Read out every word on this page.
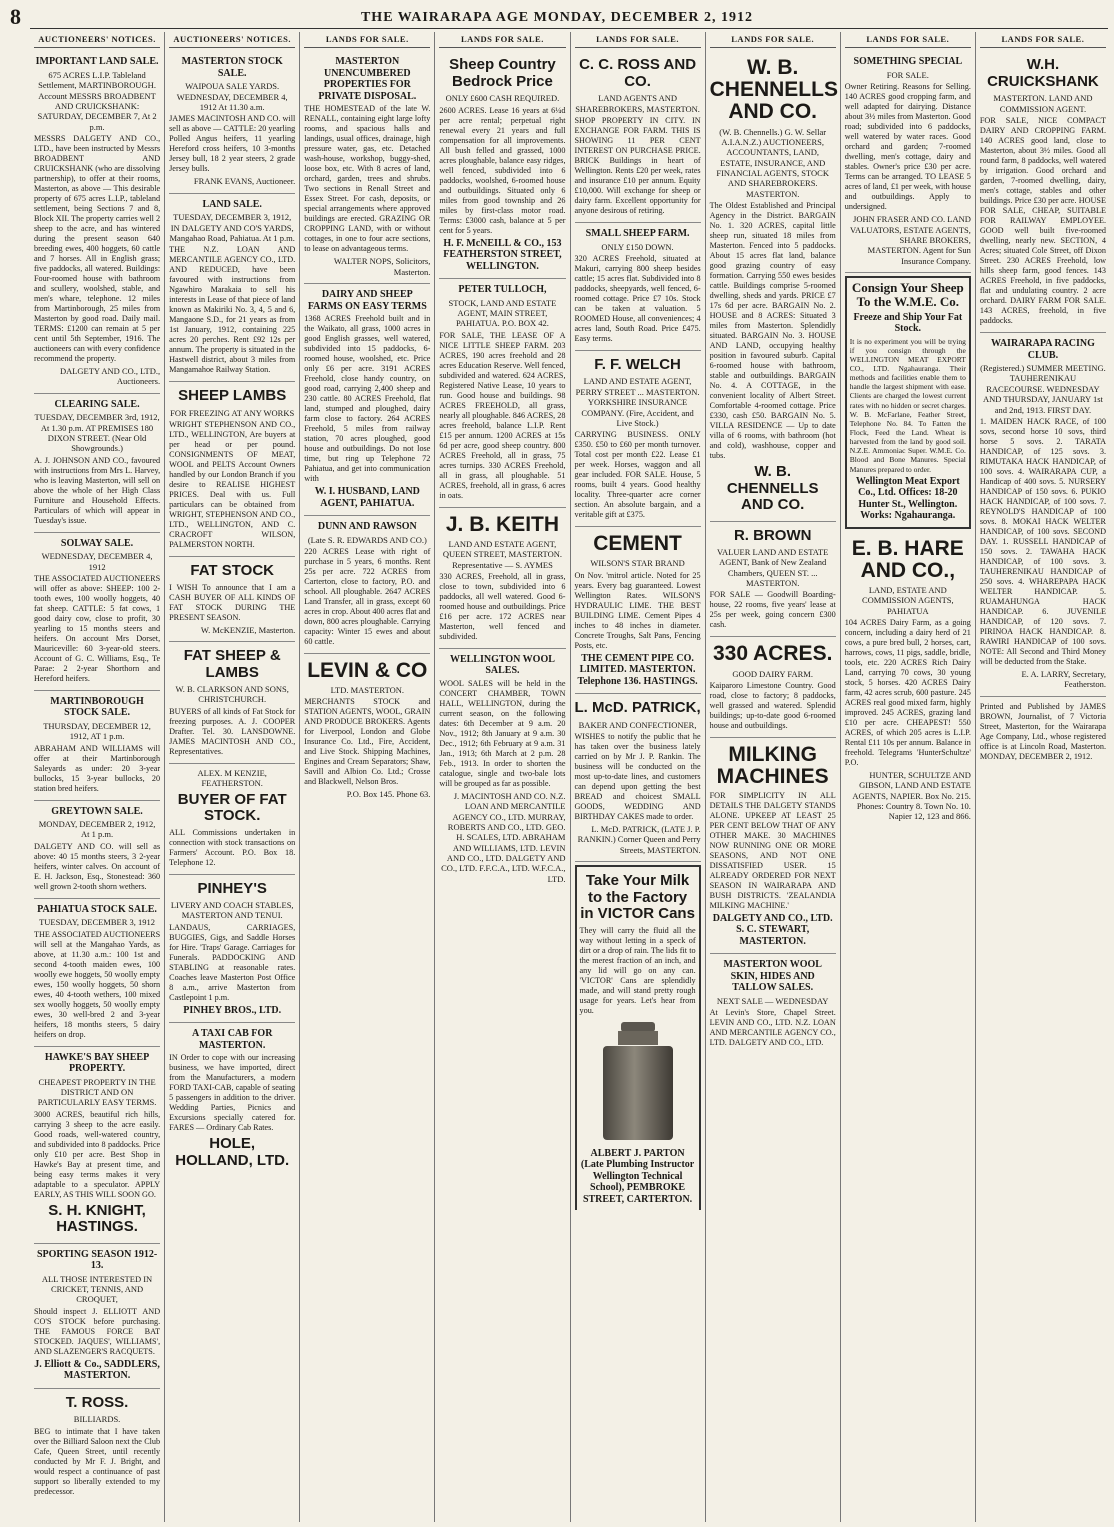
8	THE WAIRARAPA AGE MONDAY, DECEMBER 2, 1912
AUCTIONEERS' NOTICES.
IMPORTANT LAND SALE.
675 ACRES L.I.P. Tableland Settlement, MARTINBOROUGH. Account MESSRS BROADBENT AND CRUICKSHANK: SATURDAY, DECEMBER 7, At 2 p.m.
MESSRS DALGETY AND CO., LTD., have been instructed by Messrs BROADBENT AND CRUICKSHANK (who are dissolving partnership), to offer at their rooms, Masterton, as above — This desirable property of 675 acres L.I.P., tableland settlement, being Sections 7 and 8, Block XII. The property carries well 2 sheep to the acre, and has wintered during the present season 640 breeding ewes, 400 hoggets, 60 cattle and 7 horses. All in English grass; five paddocks, all watered. Buildings: Four-roomed house with bathroom and scullery, woolshed, stable, and men's whare, telephone. 12 miles from Martinborough, 25 miles from Masterton by good road. Daily mail. TERMS: £1200 can remain at 5 per cent until 5th September, 1916. The auctioneers can with every confidence recommend the property.
DALGETY AND CO., LTD., Auctioneers.
CLEARING SALE.
TUESDAY, DECEMBER 3rd, 1912, At 1.30 p.m. AT PREMISES 180 DIXON STREET. (Near Old Showgrounds.)
A. J. JOHNSON AND CO., favoured with instructions from Mrs L. Harvey, who is leaving Masterton, will sell on above the whole of her High Class Furniture and Household Effects. Particulars of which will appear in Tuesday's issue.
SOLWAY SALE.
WEDNESDAY, DECEMBER 4, 1912
THE ASSOCIATED AUCTIONEERS will offer as above: SHEEP: 100 2-tooth ewes, 100 woolly hoggets, 40 fat sheep. CATTLE: 5 fat cows, 1 good dairy cow, close to profit, 30 yearling to 15 months steers and heifers. On account Mrs Dorset, Mauriceville: 60 3-year-old steers. Account of G. C. Williams, Esq., Te Parae: 2 2-year Shorthorn and Hereford heifers.
MARTINBOROUGH STOCK SALE.
THURSDAY, DECEMBER 12, 1912, AT 1 p.m.
ABRAHAM AND WILLIAMS will offer at their Martinborough Saleyards as under: 20 3-year bullocks, 15 3-year bullocks, 20 station bred heifers.
GREYTOWN SALE.
MONDAY, DECEMBER 2, 1912, At 1 p.m.
DALGETY AND CO. will sell as above: 40 15 months steers, 3 2-year heifers, winter calves. On account of E. H. Jackson, Esq., Stonestead: 360 well grown 2-tooth shorn wethers.
PAHIATUA STOCK SALE.
TUESDAY, DECEMBER 3, 1912
THE ASSOCIATED AUCTIONEERS will sell at the Mangahao Yards, as above, at 11.30 a.m.: 100 1st and second 4-tooth maiden ewes, 100 woolly ewe hoggets, 50 woolly empty ewes, 150 woolly hoggets, 50 shorn ewes, 40 4-tooth wethers, 100 mixed sex woolly hoggets, 50 woolly empty ewes, 30 well-bred 2 and 3-year heifers, 18 months steers, 5 dairy heifers on drop.
HAWKE'S BAY SHEEP PROPERTY.
CHEAPEST PROPERTY IN THE DISTRICT AND ON PARTICULARLY EASY TERMS.
3000 ACRES, beautiful rich hills, carrying 3 sheep to the acre easily. Good roads, well-watered country, and subdivided into 8 paddocks. Price only £10 per acre. Best Shop in Hawke's Bay at present time, and being easy terms makes it very adaptable to a speculator. APPLY EARLY, AS THIS WILL SOON GO.
S. H. KNIGHT, HASTINGS.
SPORTING SEASON 1912-13.
ALL THOSE INTERESTED IN CRICKET, TENNIS, AND CROQUET,
Should inspect J. ELLIOTT AND CO'S STOCK before purchasing. THE FAMOUS FORCE BAT STOCKED. JAQUES', WILLIAMS', AND SLAZENGER'S RACQUETS.
J. Elliott & Co., SADDLERS, MASTERTON.
T. ROSS.
BILLIARDS.
BEG to intimate that I have taken over the Billiard Saloon next the Club Cafe, Queen Street, until recently conducted by Mr F. J. Bright, and would respect a continuance of past support so liberally extended to my predecessor.
AUCTIONEERS' NOTICES.
MASTERTON STOCK SALE.
WAIPOUA SALE YARDS. WEDNESDAY, DECEMBER 4, 1912 At 11.30 a.m.
JAMES MACINTOSH AND CO. will sell as above — CATTLE: 20 yearling Polled Angus heifers, 11 yearling Hereford cross heifers, 10 3-months Jersey bull, 18 2 year steers, 2 grade Jersey bulls.
FRANK EVANS, Auctioneer.
LAND SALE.
TUESDAY, DECEMBER 3, 1912, IN DALGETY AND CO'S YARDS, Mangahao Road, Pahiatua. At 1 p.m.
THE N.Z. LOAN AND MERCANTILE AGENCY CO., LTD. AND REDUCED, have been favoured with instructions from Ngawhiro Marakaia to sell his interests in Lease of that piece of land known as Makiriki No. 3, 4, 5 and 6, Mangaone S.D., for 21 years as from 1st January, 1912, containing 225 acres 20 perches. Rent £92 12s per annum. The property is situated in the Hastwell district, about 3 miles from Mangamahoe Railway Station.
SHEEP LAMBS
FOR FREEZING AT ANY WORKS
WRIGHT STEPHENSON AND CO., LTD., WELLINGTON, Are buyers at per head or per pound. CONSIGNMENTS OF MEAT, WOOL and PELTS Account Owners handled by our London Branch if you desire to REALISE HIGHEST PRICES. Deal with us. Full particulars can be obtained from WRIGHT, STEPHENSON AND CO., LTD., WELLINGTON, AND C. CRACROFT WILSON, PALMERSTON NORTH.
FAT STOCK
I WISH To announce that I am a CASH BUYER OF ALL KINDS OF FAT STOCK DURING THE PRESENT SEASON.
W. McKENZIE, Masterton.
FAT SHEEP & LAMBS
W. B. CLARKSON AND SONS, CHRISTCHURCH.
BUYERS of all kinds of Fat Stock for freezing purposes. A. J. COOPER Drafter. Tel. 30. LANSDOWNE. JAMES MACINTOSH AND CO., Representatives.
ALEX. M KENZIE, FEATHERSTON.
BUYER OF FAT STOCK.
ALL Commissions undertaken in connection with stock transactions on Farmers' Account. P.O. Box 18. Telephone 12.
PINHEY'S
LIVERY AND COACH STABLES, MASTERTON AND TENUI.
LANDAUS, CARRIAGES, BUGGIES, Gigs, and Saddle Horses for Hire. 'Traps' Garage. Carriages for Funerals. PADDOCKING AND STABLING at reasonable rates. Coaches leave Masterton Post Office 8 a.m., arrive Masterton from Castlepoint 1 p.m.
PINHEY BROS., LTD.
A TAXI CAB FOR MASTERTON.
IN Order to cope with our increasing business, we have imported, direct from the Manufacturers, a modern FORD TAXI-CAB, capable of seating 5 passengers in addition to the driver. Wedding Parties, Picnics and Excursions specially catered for. FARES — Ordinary Cab Rates.
HOLE, HOLLAND, LTD.
LANDS FOR SALE.
MASTERTON UNENCUMBERED PROPERTIES FOR PRIVATE DISPOSAL.
THE HOMESTEAD of the late W. RENALL, containing eight large lofty rooms, and spacious halls and landings, usual offices, drainage, high pressure water, gas, etc. Detached wash-house, workshop, buggy-shed, loose box, etc. With 8 acres of land, orchard, garden, trees and shrubs. Two sections in Renall Street and Essex Street. For cash, deposits, or special arrangements where approved buildings are erected. GRAZING OR CROPPING LAND, with or without cottages, in one to four acre sections, to lease on advantageous terms.
WALTER NOPS, Solicitors, Masterton.
DAIRY AND SHEEP FARMS ON EASY TERMS
1368 ACRES Freehold built and in the Waikato, all grass, 1000 acres in good English grasses, well watered, subdivided into 15 paddocks, 6-roomed house, woolshed, etc. Price only £6 per acre. 3191 ACRES Freehold, close handy country, on good road, carrying 2,400 sheep and 230 cattle. 80 ACRES Freehold, flat land, stumped and ploughed, dairy farm close to factory. 264 ACRES Freehold, 5 miles from railway station, 70 acres ploughed, good house and outbuildings. Do not lose time, but ring up Telephone 72 Pahiatua, and get into communication with
W. I. HUSBAND, LAND AGENT, PAHIATUA.
DUNN AND RAWSON
(Late S. R. EDWARDS AND CO.)
220 ACRES Lease with right of purchase in 5 years, 6 months. Rent 25s per acre. 722 ACRES from Carterton, close to factory, P.O. and school. All ploughable. 2647 ACRES Land Transfer, all in grass, except 60 acres in crop. About 400 acres flat and down, 800 acres ploughable. Carrying capacity: Winter 15 ewes and about 60 cattle.
LEVIN & CO
LTD. MASTERTON.
MERCHANTS STOCK and STATION AGENTS, WOOL, GRAIN AND PRODUCE BROKERS. Agents for Liverpool, London and Globe Insurance Co. Ltd., Fire, Accident, and Live Stock. Shipping Machines, Engines and Cream Separators; Shaw, Savill and Albion Co. Ltd.; Crosse and Blackwell, Nelson Bros.
P.O. Box 145. Phone 63.
LANDS FOR SALE.
Sheep Country Bedrock Price
ONLY £600 CASH REQUIRED.
2600 ACRES. Lease 16 years at 6¼d per acre rental; perpetual right renewal every 21 years and full compensation for all improvements. All bush felled and grassed, 1000 acres ploughable, balance easy ridges, well fenced, subdivided into 6 paddocks, woolshed, 6-roomed house and outbuildings. Situated only 6 miles from good township and 26 miles by first-class motor road. Terms: £3000 cash, balance at 5 per cent for 5 years.
H. F. McNEILL & CO., 153 FEATHERSTON STREET, WELLINGTON.
PETER TULLOCH,
STOCK, LAND AND ESTATE AGENT, MAIN STREET, PAHIATUA. P.O. BOX 42.
FOR SALE, THE LEASE OF A NICE LITTLE SHEEP FARM. 203 ACRES, 190 acres freehold and 28 acres Education Reserve. Well fenced, subdivided and watered. 624 ACRES, Registered Native Lease, 10 years to run. Good house and buildings. 98 ACRES FREEHOLD, all grass, nearly all ploughable. 846 ACRES, 28 acres freehold, balance L.I.P. Rent £15 per annum. 1200 ACRES at 15s 6d per acre, good sheep country. 800 ACRES Freehold, all in grass, 75 acres turnips. 330 ACRES Freehold, all in grass, all ploughable. 51 ACRES, freehold, all in grass, 6 acres in oats.
J. B. KEITH
LAND AND ESTATE AGENT, QUEEN STREET, MASTERTON. Representative — S. AYMES
330 ACRES, Freehold, all in grass, close to town, subdivided into 6 paddocks, all well watered. Good 6-roomed house and outbuildings. Price £16 per acre. 172 ACRES near Masterton, well fenced and subdivided.
WELLINGTON WOOL SALES.
WOOL SALES will be held in the CONCERT CHAMBER, TOWN HALL, WELLINGTON, during the current season, on the following dates: 6th December at 9 a.m. 20 Nov., 1912; 8th January at 9 a.m. 30 Dec., 1912; 6th February at 9 a.m. 31 Jan., 1913; 6th March at 2 p.m. 28 Feb., 1913. In order to shorten the catalogue, single and two-bale lots will be grouped as far as possible.
J. MACINTOSH AND CO. N.Z. LOAN AND MERCANTILE AGENCY CO., LTD. MURRAY, ROBERTS AND CO., LTD. GEO. H. SCALES, LTD. ABRAHAM AND WILLIAMS, LTD. LEVIN AND CO., LTD. DALGETY AND CO., LTD. F.F.C.A., LTD. W.F.C.A., LTD.
LANDS FOR SALE.
C. C. ROSS AND CO.
LAND AGENTS AND SHAREBROKERS, MASTERTON.
SHOP PROPERTY IN CITY. IN EXCHANGE FOR FARM. THIS IS SHOWING 11 PER CENT INTEREST ON PURCHASE PRICE. BRICK Buildings in heart of Wellington. Rents £20 per week, rates and insurance £10 per annum. Equity £10,000. Will exchange for sheep or dairy farm. Excellent opportunity for anyone desirous of retiring.
SMALL SHEEP FARM.
ONLY £150 DOWN.
320 ACRES Freehold, situated at Makuri, carrying 800 sheep besides cattle; 15 acres flat. Subdivided into 8 paddocks, sheepyards, well fenced, 6-roomed cottage. Price £7 10s. Stock can be taken at valuation. 5 ROOMED House, all conveniences; 4 acres land, South Road. Price £475. Easy terms.
F. F. WELCH
LAND AND ESTATE AGENT, PERRY STREET ... MASTERTON. YORKSHIRE INSURANCE COMPANY. (Fire, Accident, and Live Stock.)
CARRYING BUSINESS. ONLY £350. £50 to £60 per month turnover. Total cost per month £22. Lease £1 per week. Horses, waggon and all gear included. FOR SALE. House, 5 rooms, built 4 years. Good healthy locality. Three-quarter acre corner section. An absolute bargain, and a veritable gift at £375.
CEMENT
WILSON'S STAR BRAND
On Nov. 'mitrol article. Noted for 25 years. Every bag guaranteed. Lowest Wellington Rates. WILSON'S HYDRAULIC LIME. THE BEST BUILDING LIME. Cement Pipes 4 inches to 48 inches in diameter. Concrete Troughs, Salt Pans, Fencing Posts, etc.
THE CEMENT PIPE CO. LIMITED. MASTERTON. Telephone 136. HASTINGS.
L. McD. PATRICK,
BAKER AND CONFECTIONER,
WISHES to notify the public that he has taken over the business lately carried on by Mr J. P. Rankin. The business will be conducted on the most up-to-date lines, and customers can depend upon getting the best BREAD and choicest SMALL GOODS, WEDDING AND BIRTHDAY CAKES made to order.
L. McD. PATRICK, (LATE J. P. RANKIN.) Corner Queen and Perry Streets, MASTERTON.
Take Your Milk to the Factory in VICTOR Cans
They will carry the fluid all the way without letting in a speck of dirt or a drop of rain. The lids fit to the merest fraction of an inch, and any lid will go on any can. 'VICTOR' Cans are splendidly made, and will stand pretty rough usage for years. Let's hear from you.
ALBERT J. PARTON (Late Plumbing Instructor Wellington Technical School), PEMBROKE STREET, CARTERTON.
LANDS FOR SALE.
W. B. CHENNELLS AND CO.
(W. B. Chennells.) G. W. Sellar A.I.A.N.Z.) AUCTIONEERS, ACCOUNTANTS, LAND, ESTATE, INSURANCE, AND FINANCIAL AGENTS, STOCK AND SHAREBROKERS. MASTERTON.
The Oldest Established and Principal Agency in the District. BARGAIN No. 1. 320 ACRES, capital little sheep run, situated 18 miles from Masterton. Fenced into 5 paddocks. About 15 acres flat land, balance good grazing country of easy formation. Carrying 550 ewes besides cattle. Buildings comprise 5-roomed dwelling, sheds and yards. PRICE £7 17s 6d per acre. BARGAIN No. 2. HOUSE and 8 ACRES: Situated 3 miles from Masterton. Splendidly situated. BARGAIN No. 3. HOUSE AND LAND, occupying healthy position in favoured suburb. Capital 6-roomed house with bathroom, stable and outbuildings. BARGAIN No. 4. A COTTAGE, in the convenient locality of Albert Street. Comfortable 4-roomed cottage. Price £330, cash £50. BARGAIN No. 5. VILLA RESIDENCE — Up to date villa of 6 rooms, with bathroom (hot and cold), washhouse, copper and tubs.
W. B. CHENNELLS AND CO.
R. BROWN
VALUER LAND AND ESTATE AGENT, Bank of New Zealand Chambers, QUEEN ST. ... MASTERTON.
FOR SALE — Goodwill Boarding-house, 22 rooms, five years' lease at 25s per week, going concern £300 cash.
330 ACRES.
GOOD DAIRY FARM.
Kaiparoro Limestone Country. Good road, close to factory; 8 paddocks, well grassed and watered. Splendid buildings; up-to-date good 6-roomed house and outbuildings.
MILKING MACHINES
FOR SIMPLICITY IN ALL DETAILS THE DALGETY STANDS ALONE. UPKEEP AT LEAST 25 PER CENT BELOW THAT OF ANY OTHER MAKE. 30 MACHINES NOW RUNNING ONE OR MORE SEASONS, AND NOT ONE DISSATISFIED USER. 15 ALREADY ORDERED FOR NEXT SEASON IN WAIRARAPA AND BUSH DISTRICTS. 'ZEALANDIA MILKING MACHINE.'
DALGETY AND CO., LTD. S. C. STEWART, MASTERTON.
MASTERTON WOOL SKIN, HIDES AND TALLOW SALES.
NEXT SALE — WEDNESDAY
At Levin's Store, Chapel Street. LEVIN AND CO., LTD. N.Z. LOAN AND MERCANTILE AGENCY CO., LTD. DALGETY AND CO., LTD.
LANDS FOR SALE.
SOMETHING SPECIAL
FOR SALE.
Owner Retiring. Reasons for Selling. 140 ACRES good cropping farm, and well adapted for dairying. Distance about 3½ miles from Masterton. Good road; subdivided into 6 paddocks, well watered by water races. Good orchard and garden; 7-roomed dwelling, men's cottage, dairy and stables. Owner's price £30 per acre. Terms can be arranged. TO LEASE 5 acres of land, £1 per week, with house and outbuildings. Apply to undersigned.
JOHN FRASER AND CO. LAND VALUATORS, ESTATE AGENTS, SHARE BROKERS, MASTERTON. Agent for Sun Insurance Company.
Consign Your Sheep To the W.M.E. Co.
Freeze and Ship Your Fat Stock.
It is no experiment you will be trying if you consign through the WELLINGTON MEAT EXPORT CO., LTD. Ngahauranga. Their methods and facilities enable them to handle the largest shipment with ease. Clients are charged the lowest current rates with no hidden or secret charges. W. B. McFarlane, Feather Street, Telephone No. 84. To Fatten the Flock, Feed the Land. Wheat is harvested from the land by good soil. N.Z.E. Ammoniac Super. W.M.E. Co. Blood and Bone Manures. Special Manures prepared to order.
Wellington Meat Export Co., Ltd. Offices: 18-20 Hunter St., Wellington. Works: Ngahauranga.
E. B. HARE AND CO.,
LAND, ESTATE AND COMMISSION AGENTS, PAHIATUA
104 ACRES Dairy Farm, as a going concern, including a dairy herd of 21 cows, a pure bred bull, 2 horses, cart, harrows, cows, 11 pigs, saddle, bridle, tools, etc. 220 ACRES Rich Dairy Land, carrying 70 cows, 30 young stock, 5 horses. 420 ACRES Dairy farm, 42 acres scrub, 600 pasture. 245 ACRES real good mixed farm, highly improved. 245 ACRES, grazing land £10 per acre. CHEAPEST! 550 ACRES, of which 205 acres is L.I.P. Rental £11 10s per annum. Balance in freehold. Telegrams 'HunterSchultze' P.O.
HUNTER, SCHULTZE AND GIBSON, LAND AND ESTATE AGENTS, NAPIER. Box No. 215. Phones: Country 8. Town No. 10. Napier 12, 123 and 866.
LANDS FOR SALE.
W.H. CRUICKSHANK
MASTERTON. LAND AND COMMISSION AGENT.
FOR SALE, NICE COMPACT DAIRY AND CROPPING FARM. 140 ACRES good land, close to Masterton, about 3½ miles. Good all round farm, 8 paddocks, well watered by irrigation. Good orchard and garden, 7-roomed dwelling, dairy, men's cottage, stables and other buildings. Price £30 per acre. HOUSE FOR SALE, CHEAP, SUITABLE FOR RAILWAY EMPLOYEE. GOOD well built five-roomed dwelling, nearly new. SECTION, 4 Acres; situated Cole Street, off Dixon Street. 230 ACRES Freehold, low hills sheep farm, good fences. 143 ACRES Freehold, in five paddocks, flat and undulating country. 2 acre orchard. DAIRY FARM FOR SALE. 143 ACRES, freehold, in five paddocks.
WAIRARAPA RACING CLUB.
(Registered.) SUMMER MEETING. TAUHERENIKAU RACECOURSE. WEDNESDAY AND THURSDAY, JANUARY 1st and 2nd, 1913. FIRST DAY.
1. MAIDEN HACK RACE, of 100 sovs, second horse 10 sovs, third horse 5 sovs. 2. TARATA HANDICAP, of 125 sovs. 3. RIMUTAKA HACK HANDICAP, of 100 sovs. 4. WAIRARAPA CUP, a Handicap of 400 sovs. 5. NURSERY HANDICAP of 150 sovs. 6. PUKIO HACK HANDICAP, of 100 sovs. 7. REYNOLD'S HANDICAP of 100 sovs. 8. MOKAI HACK WELTER HANDICAP, of 100 sovs. SECOND DAY. 1. RUSSELL HANDICAP of 150 sovs. 2. TAWAHA HACK HANDICAP, of 100 sovs. 3. TAUHERENIKAU HANDICAP of 250 sovs. 4. WHAREPAPA HACK WELTER HANDICAP. 5. RUAMAHUNGA HACK HANDICAP. 6. JUVENILE HANDICAP, of 120 sovs. 7. PIRINOA HACK HANDICAP. 8. RAWIRI HANDICAP of 100 sovs. NOTE: All Second and Third Money will be deducted from the Stake.
E. A. LARRY, Secretary, Featherston.
Printed and Published by JAMES BROWN, Journalist, of 7 Victoria Street, Masterton, for the Wairarapa Age Company, Ltd., whose registered office is at Lincoln Road, Masterton. MONDAY, DECEMBER 2, 1912.
